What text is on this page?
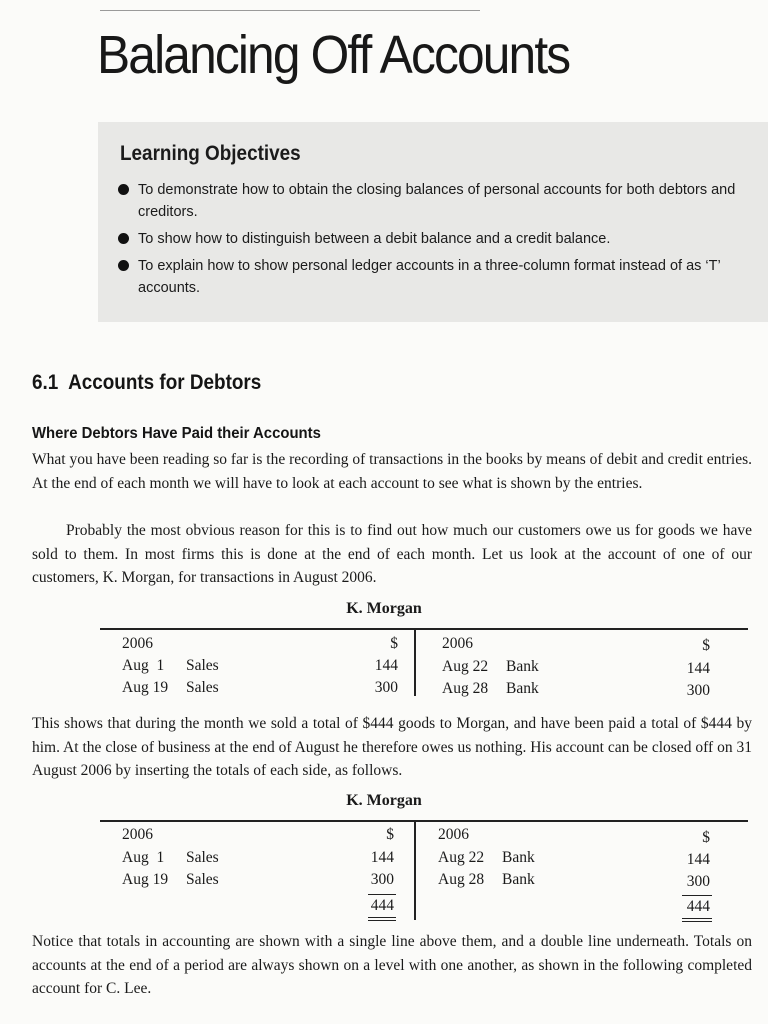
Balancing Off Accounts
Learning Objectives
To demonstrate how to obtain the closing balances of personal accounts for both debtors and creditors.
To show how to distinguish between a debit balance and a credit balance.
To explain how to show personal ledger accounts in a three-column format instead of as ‘T’ accounts.
6.1  Accounts for Debtors
Where Debtors Have Paid their Accounts

What you have been reading so far is the recording of transactions in the books by means of debit and credit entries. At the end of each month we will have to look at each account to see what is shown by the entries.

Probably the most obvious reason for this is to find out how much our customers owe us for goods we have sold to them. In most firms this is done at the end of each month. Let us look at the account of one of our customers, K. Morgan, for transactions in August 2006.

K. Morgan

2006	$
Aug  1 Sales	144
Aug 19 Sales	300
2006	$
Aug 22 Bank	144
Aug 28 Bank	300

This shows that during the month we sold a total of $444 goods to Morgan, and have been paid a total of $444 by him. At the close of business at the end of August he therefore owes us nothing. His account can be closed off on 31 August 2006 by inserting the totals of each side, as follows.

K. Morgan

2006	$
Aug  1 Sales	144
Aug 19 Sales	300
444
2006	$
Aug 22 Bank	144
Aug 28 Bank	300
444

Notice that totals in accounting are shown with a single line above them, and a double line underneath. Totals on accounts at the end of a period are always shown on a level with one another, as shown in the following completed account for C. Lee.
